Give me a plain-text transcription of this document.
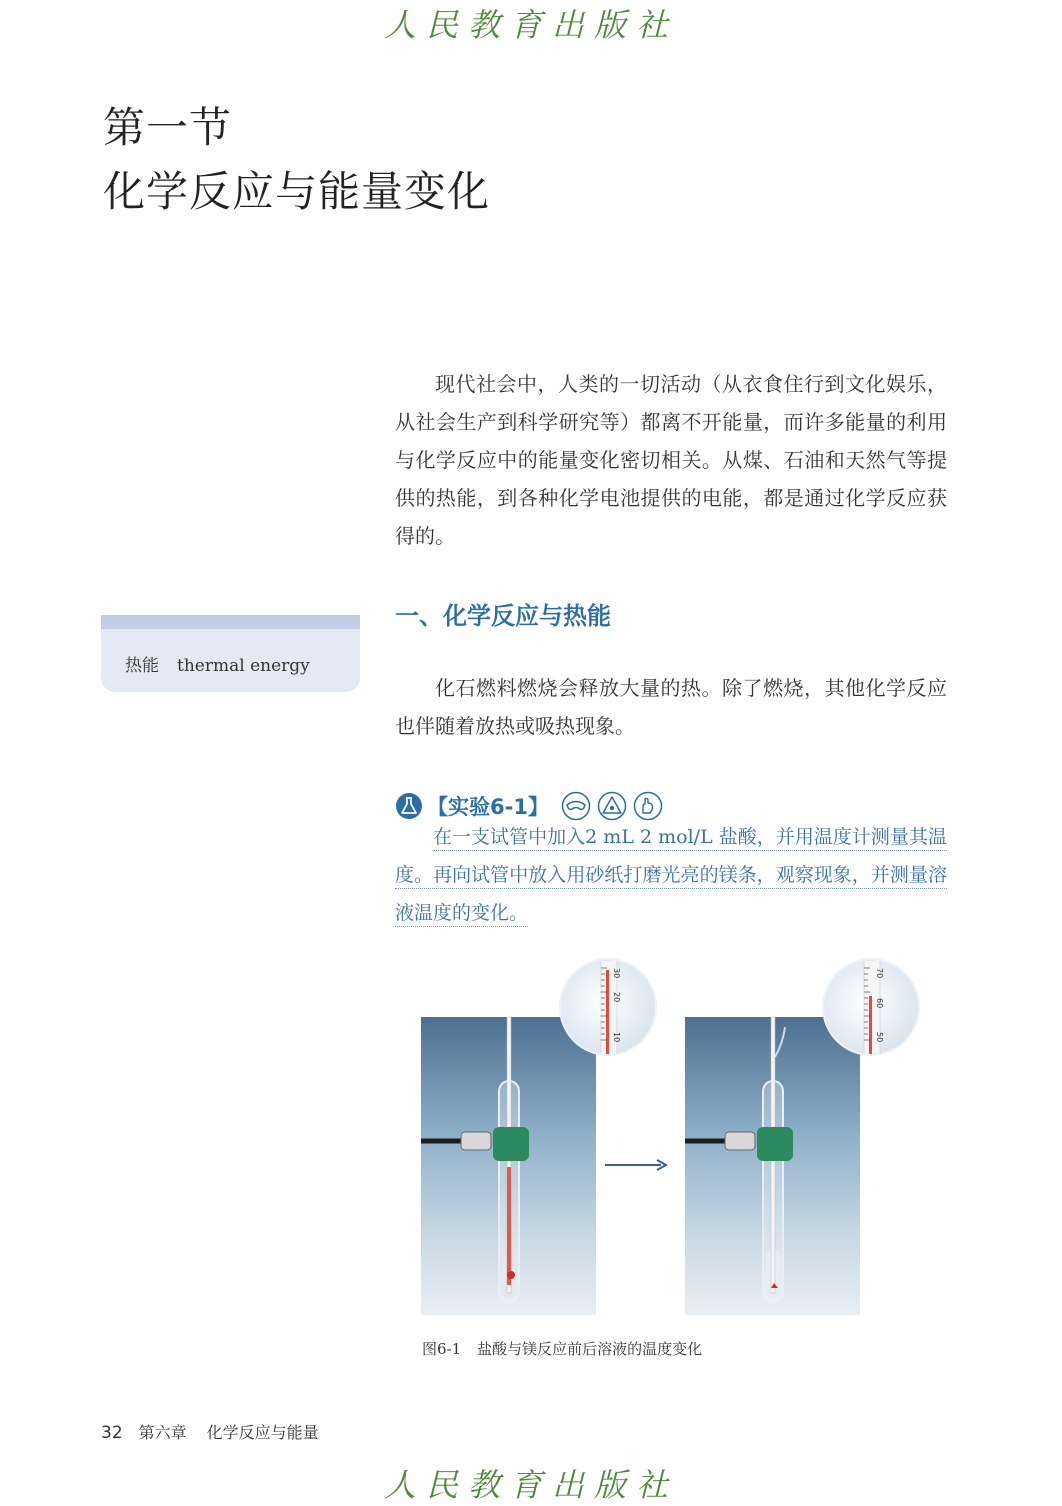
人民教育出版社
第一节
化学反应与能量变化

现代社会中，人类的一切活动（从衣食住行到文化娱乐，从社会生产到科学研究等）都离不开能量，而许多能量的利用与化学反应中的能量变化密切相关。从煤、石油和天然气等提供的热能，到各种化学电池提供的电能，都是通过化学反应获得的。

一、化学反应与热能
热能 thermal energy

化石燃料燃烧会释放大量的热。除了燃烧，其他化学反应也伴随着放热或吸热现象。

【实验6-1】

在一支试管中加入2 mL 2 mol/L 盐酸，并用温度计测量其温度。再向试管中放入用砂纸打磨光亮的镁条，观察现象，并测量溶液温度的变化。

30
20
10
70
60
50
图6-1 盐酸与镁反应前后溶液的温度变化
32 第六章 化学反应与能量
人民教育出版社
